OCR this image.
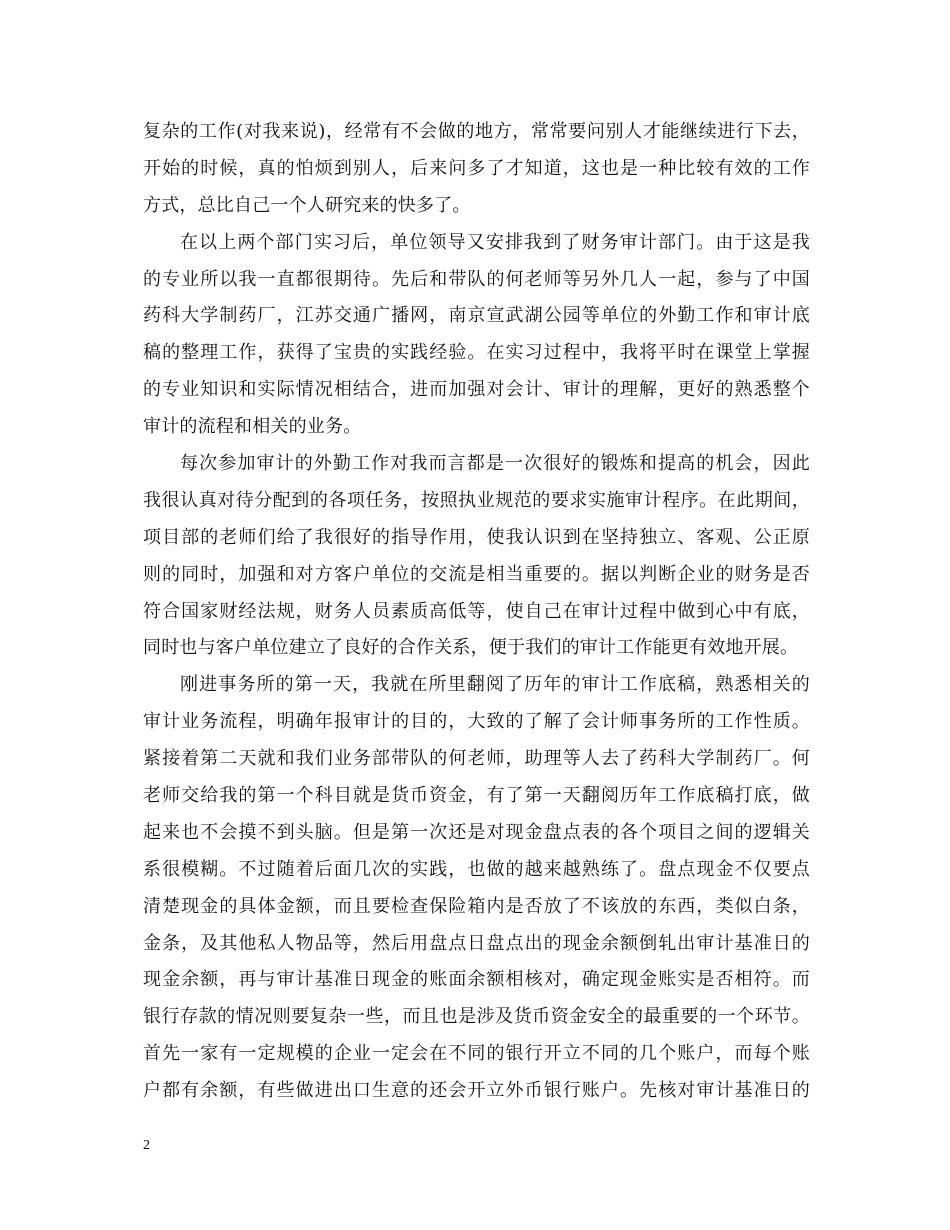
复杂的工作(对我来说)，经常有不会做的地方，常常要问别人才能继续进行下去，
开始的时候，真的怕烦到别人，后来问多了才知道，这也是一种比较有效的工作
方式，总比自己一个人研究来的快多了。
在以上两个部门实习后，单位领导又安排我到了财务审计部门。由于这是我
的专业所以我一直都很期待。先后和带队的何老师等另外几人一起，参与了中国
药科大学制药厂，江苏交通广播网，南京宣武湖公园等单位的外勤工作和审计底
稿的整理工作，获得了宝贵的实践经验。在实习过程中，我将平时在课堂上掌握
的专业知识和实际情况相结合，进而加强对会计、审计的理解，更好的熟悉整个
审计的流程和相关的业务。
每次参加审计的外勤工作对我而言都是一次很好的锻炼和提高的机会，因此
我很认真对待分配到的各项任务，按照执业规范的要求实施审计程序。在此期间，
项目部的老师们给了我很好的指导作用，使我认识到在坚持独立、客观、公正原
则的同时，加强和对方客户单位的交流是相当重要的。据以判断企业的财务是否
符合国家财经法规，财务人员素质高低等，使自己在审计过程中做到心中有底，
同时也与客户单位建立了良好的合作关系，便于我们的审计工作能更有效地开展。
刚进事务所的第一天，我就在所里翻阅了历年的审计工作底稿，熟悉相关的
审计业务流程，明确年报审计的目的，大致的了解了会计师事务所的工作性质。
紧接着第二天就和我们业务部带队的何老师，助理等人去了药科大学制药厂。何
老师交给我的第一个科目就是货币资金，有了第一天翻阅历年工作底稿打底，做
起来也不会摸不到头脑。但是第一次还是对现金盘点表的各个项目之间的逻辑关
系很模糊。不过随着后面几次的实践，也做的越来越熟练了。盘点现金不仅要点
清楚现金的具体金额，而且要检查保险箱内是否放了不该放的东西，类似白条，
金条，及其他私人物品等，然后用盘点日盘点出的现金余额倒轧出审计基准日的
现金余额，再与审计基准日现金的账面余额相核对，确定现金账实是否相符。而
银行存款的情况则要复杂一些，而且也是涉及货币资金安全的最重要的一个环节。
首先一家有一定规模的企业一定会在不同的银行开立不同的几个账户，而每个账
户都有余额，有些做进出口生意的还会开立外币银行账户。先核对审计基准日的
2
